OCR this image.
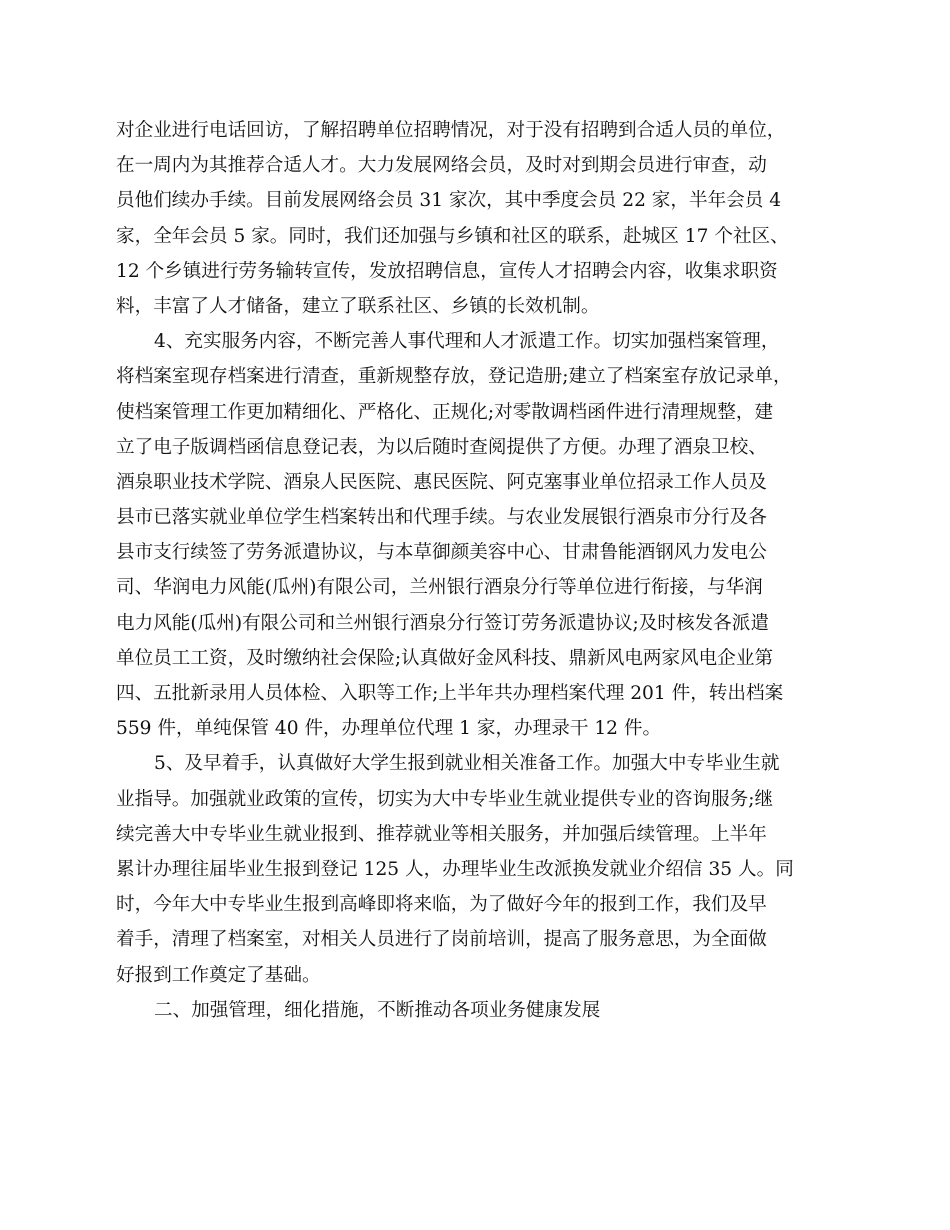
对企业进行电话回访，了解招聘单位招聘情况，对于没有招聘到合适人员的单位，
在一周内为其推荐合适人才。大力发展网络会员，及时对到期会员进行审查，动
员他们续办手续。目前发展网络会员 31 家次，其中季度会员 22 家，半年会员 4
家，全年会员 5 家。同时，我们还加强与乡镇和社区的联系，赴城区 17 个社区、
12 个乡镇进行劳务输转宣传，发放招聘信息，宣传人才招聘会内容，收集求职资
料，丰富了人才储备，建立了联系社区、乡镇的长效机制。
4、充实服务内容，不断完善人事代理和人才派遣工作。切实加强档案管理，
将档案室现存档案进行清查，重新规整存放，登记造册;建立了档案室存放记录单，
使档案管理工作更加精细化、严格化、正规化;对零散调档函件进行清理规整，建
立了电子版调档函信息登记表，为以后随时查阅提供了方便。办理了酒泉卫校、
酒泉职业技术学院、酒泉人民医院、惠民医院、阿克塞事业单位招录工作人员及
县市已落实就业单位学生档案转出和代理手续。与农业发展银行酒泉市分行及各
县市支行续签了劳务派遣协议，与本草御颜美容中心、甘肃鲁能酒钢风力发电公
司、华润电力风能(瓜州)有限公司，兰州银行酒泉分行等单位进行衔接，与华润
电力风能(瓜州)有限公司和兰州银行酒泉分行签订劳务派遣协议;及时核发各派遣
单位员工工资，及时缴纳社会保险;认真做好金风科技、鼎新风电两家风电企业第
四、五批新录用人员体检、入职等工作;上半年共办理档案代理 201 件，转出档案
559 件，单纯保管 40 件，办理单位代理 1 家，办理录干 12 件。
5、及早着手，认真做好大学生报到就业相关准备工作。加强大中专毕业生就
业指导。加强就业政策的宣传，切实为大中专毕业生就业提供专业的咨询服务;继
续完善大中专毕业生就业报到、推荐就业等相关服务，并加强后续管理。上半年
累计办理往届毕业生报到登记 125 人，办理毕业生改派换发就业介绍信 35 人。同
时，今年大中专毕业生报到高峰即将来临，为了做好今年的报到工作，我们及早
着手，清理了档案室，对相关人员进行了岗前培训，提高了服务意思，为全面做
好报到工作奠定了基础。
二、加强管理，细化措施，不断推动各项业务健康发展
